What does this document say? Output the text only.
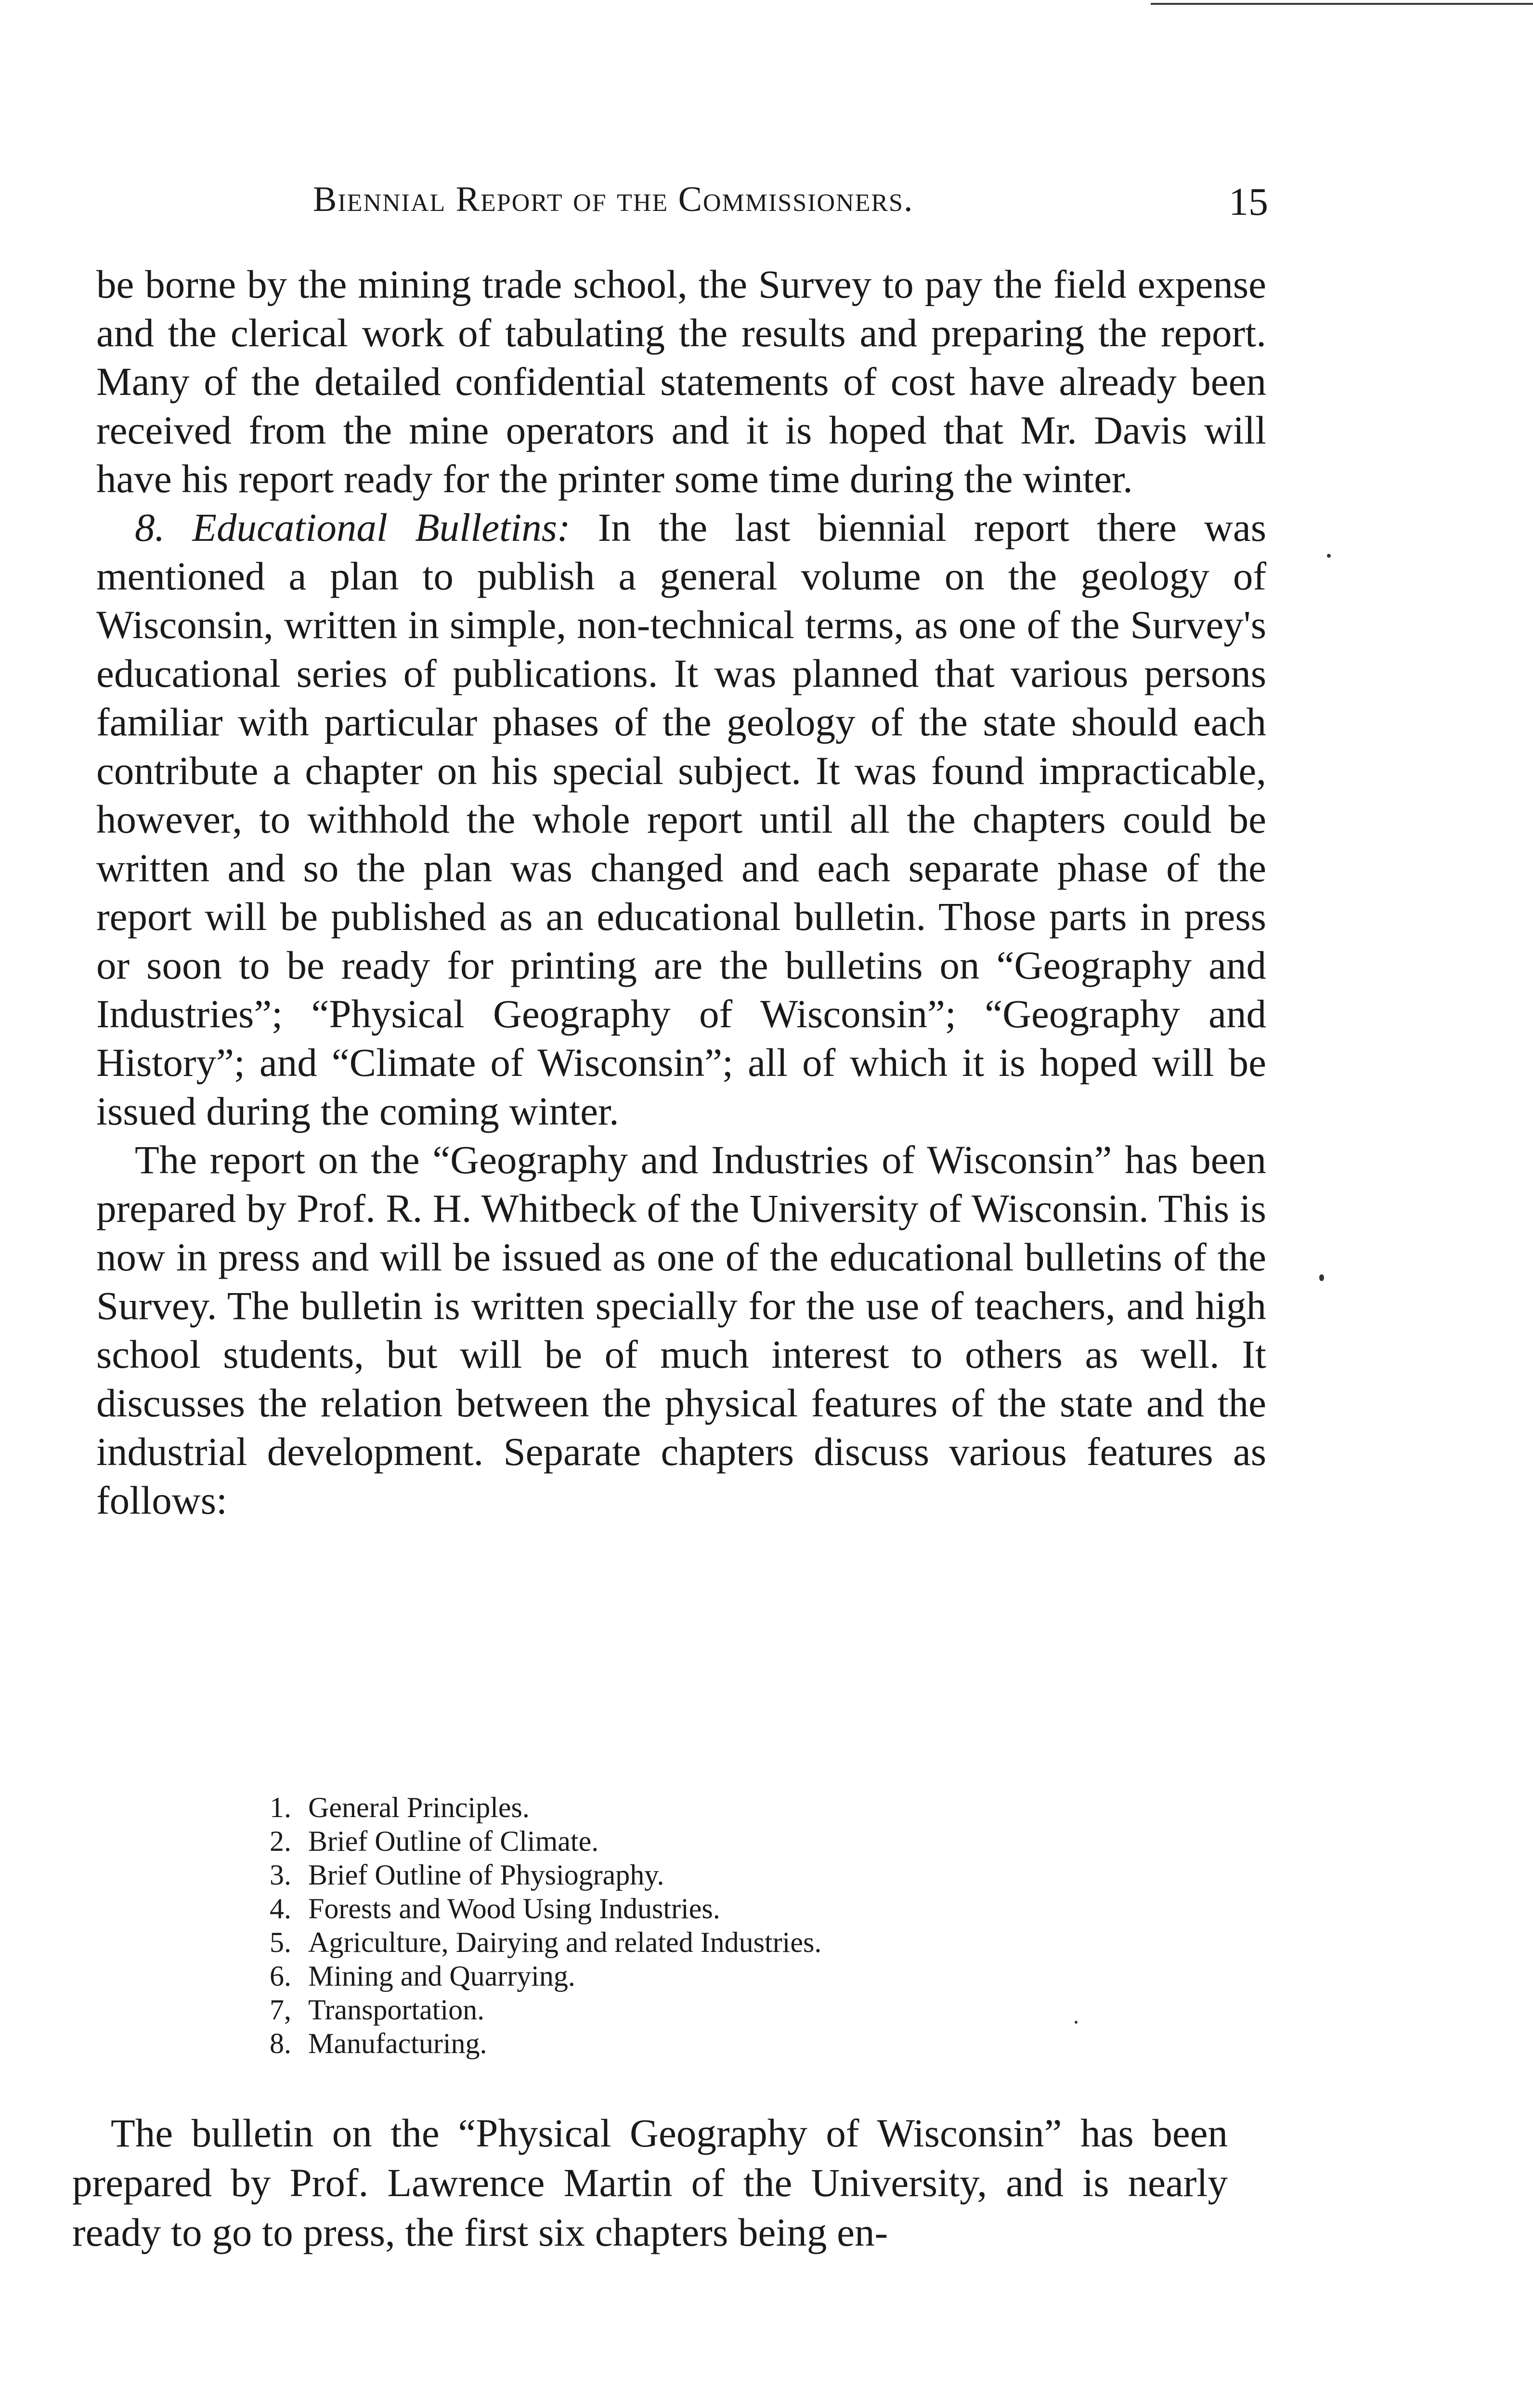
Biennial Report of the Commissioners.	15

be borne by the mining trade school, the Survey to pay the field expense and the clerical work of tabulating the results and preparing the report. Many of the detailed confidential statements of cost have already been received from the mine operators and it is hoped that Mr. Davis will have his report ready for the printer some time during the winter.

8. Educational Bulletins: In the last biennial report there was mentioned a plan to publish a general volume on the geology of Wisconsin, written in simple, non-technical terms, as one of the Survey's educational series of publications. It was planned that various persons familiar with particular phases of the geology of the state should each contribute a chapter on his special subject. It was found impracticable, however, to withhold the whole report until all the chapters could be written and so the plan was changed and each separate phase of the report will be published as an educational bulletin. Those parts in press or soon to be ready for printing are the bulletins on “Geography and Industries”; “Physical Geography of Wisconsin”; “Geography and History”; and “Climate of Wisconsin”; all of which it is hoped will be issued during the coming winter.

The report on the “Geography and Industries of Wisconsin” has been prepared by Prof. R. H. Whitbeck of the University of Wisconsin. This is now in press and will be issued as one of the educational bulletins of the Survey. The bulletin is written specially for the use of teachers, and high school students, but will be of much interest to others as well. It discusses the relation between the physical features of the state and the industrial development. Separate chapters discuss various features as follows:

1. General Principles.
2. Brief Outline of Climate.
3. Brief Outline of Physiography.
4. Forests and Wood Using Industries.
5. Agriculture, Dairying and related Industries.
6. Mining and Quarrying.
7, Transportation.
8. Manufacturing.

The bulletin on the “Physical Geography of Wisconsin” has been prepared by Prof. Lawrence Martin of the University, and is nearly ready to go to press, the first six chapters being en-
